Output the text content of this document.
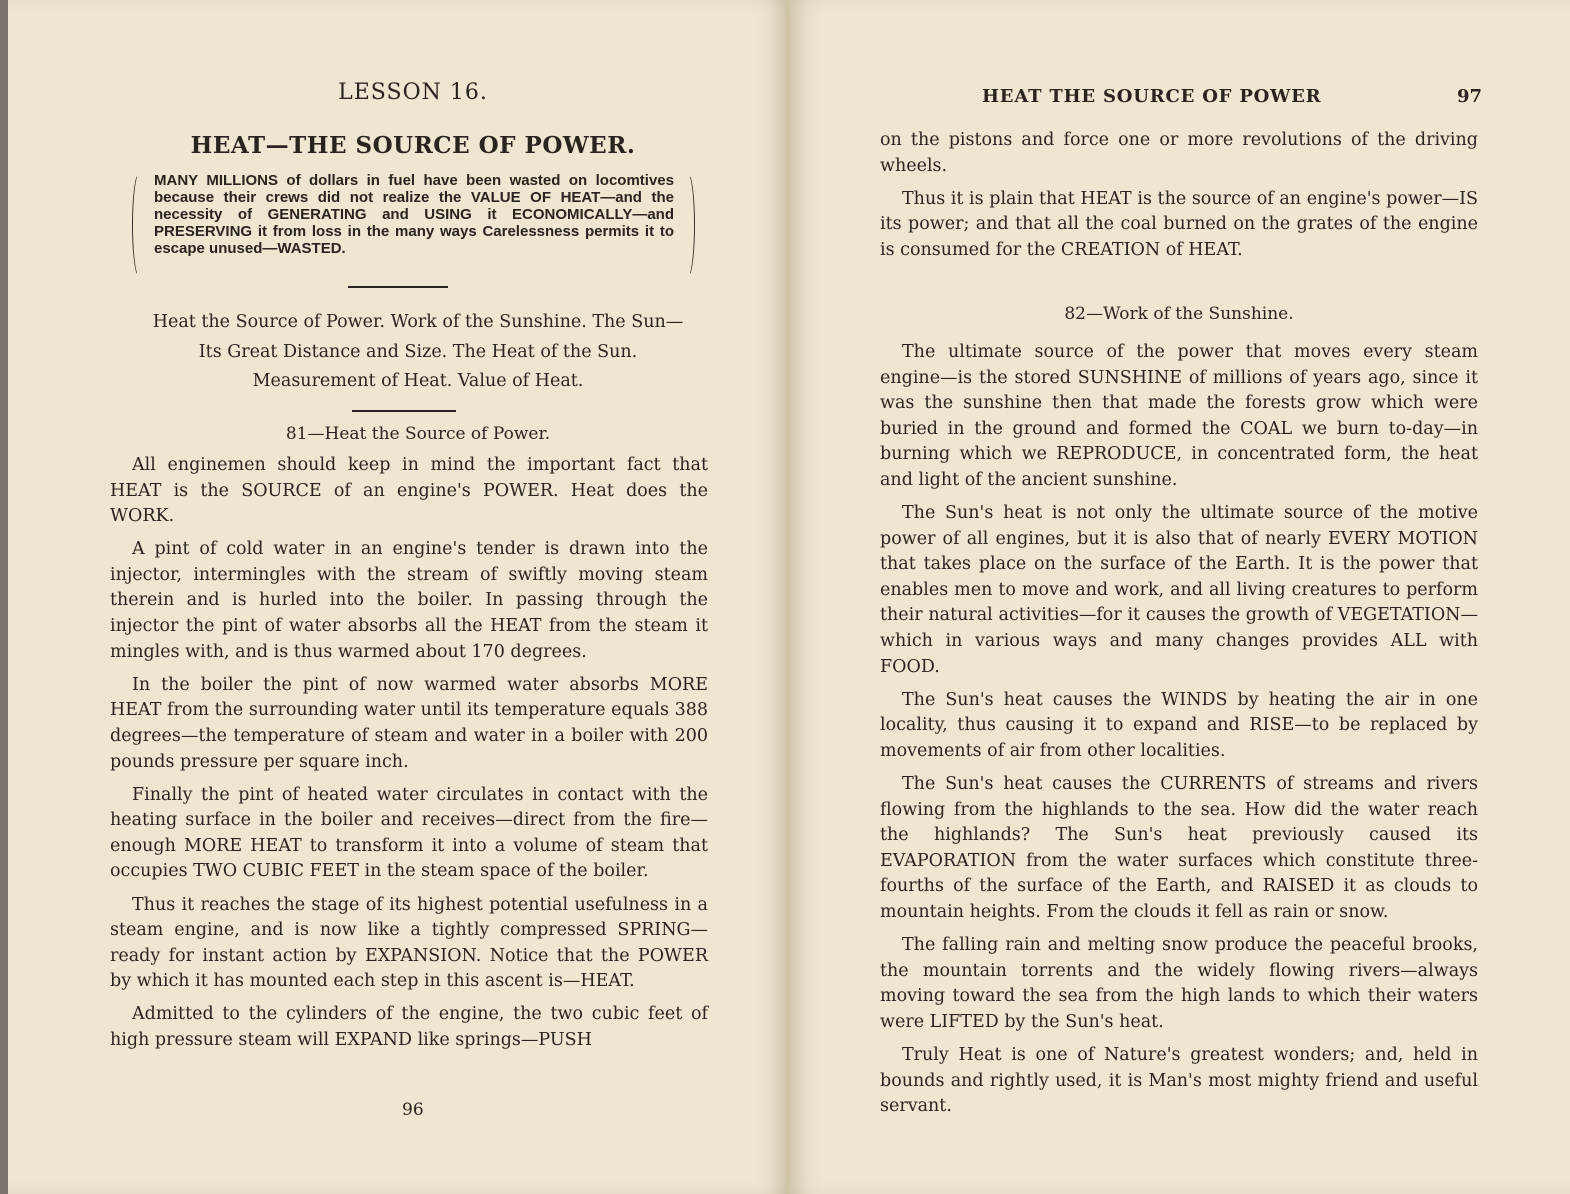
LESSON 16.
HEAT—THE SOURCE OF POWER.
MANY MILLIONS of dollars in fuel have been wasted on locomtives because their crews did not realize the VALUE OF HEAT—and the necessity of GENERATING and USING it ECONOMICALLY—and PRESERVING it from loss in the many ways Carelessness permits it to escape unused—WASTED.
Heat the Source of Power. Work of the Sunshine. The Sun—
Its Great Distance and Size. The Heat of the Sun.
Measurement of Heat. Value of Heat.
81—Heat the Source of Power.

All enginemen should keep in mind the important fact that HEAT is the SOURCE of an engine's POWER. Heat does the WORK.

A pint of cold water in an engine's tender is drawn into the injector, intermingles with the stream of swiftly moving steam therein and is hurled into the boiler. In passing through the injector the pint of water absorbs all the HEAT from the steam it mingles with, and is thus warmed about 170 degrees.

In the boiler the pint of now warmed water absorbs MORE HEAT from the surrounding water until its temperature equals 388 degrees—the temperature of steam and water in a boiler with 200 pounds pressure per square inch.

Finally the pint of heated water circulates in contact with the heating surface in the boiler and receives—direct from the fire—enough MORE HEAT to transform it into a volume of steam that occupies TWO CUBIC FEET in the steam space of the boiler.

Thus it reaches the stage of its highest potential usefulness in a steam engine, and is now like a tightly compressed SPRING—ready for instant action by EXPANSION. Notice that the POWER by which it has mounted each step in this ascent is—HEAT.

Admitted to the cylinders of the engine, the two cubic feet of high pressure steam will EXPAND like springs—PUSH

96

on the pistons and force one or more revolutions of the driving wheels.

Thus it is plain that HEAT is the source of an engine's power—IS its power; and that all the coal burned on the grates of the engine is consumed for the CREATION of HEAT.

82—Work of the Sunshine.

The ultimate source of the power that moves every steam engine—is the stored SUNSHINE of millions of years ago, since it was the sunshine then that made the forests grow which were buried in the ground and formed the COAL we burn to-day—in burning which we REPRODUCE, in concentrated form, the heat and light of the ancient sunshine.

The Sun's heat is not only the ultimate source of the motive power of all engines, but it is also that of nearly EVERY MOTION that takes place on the surface of the Earth. It is the power that enables men to move and work, and all living creatures to perform their natural activities—for it causes the growth of VEGETATION—which in various ways and many changes provides ALL with FOOD.

The Sun's heat causes the WINDS by heating the air in one locality, thus causing it to expand and RISE—to be replaced by movements of air from other localities.

The Sun's heat causes the CURRENTS of streams and rivers flowing from the highlands to the sea. How did the water reach the highlands? The Sun's heat previously caused its EVAPORATION from the water surfaces which constitute three-fourths of the surface of the Earth, and RAISED it as clouds to mountain heights. From the clouds it fell as rain or snow.

The falling rain and melting snow produce the peaceful brooks, the mountain torrents and the widely flowing rivers—always moving toward the sea from the high lands to which their waters were LIFTED by the Sun's heat.

Truly Heat is one of Nature's greatest wonders; and, held in bounds and rightly used, it is Man's most mighty friend and useful servant.

HEAT THE SOURCE OF POWER	97
